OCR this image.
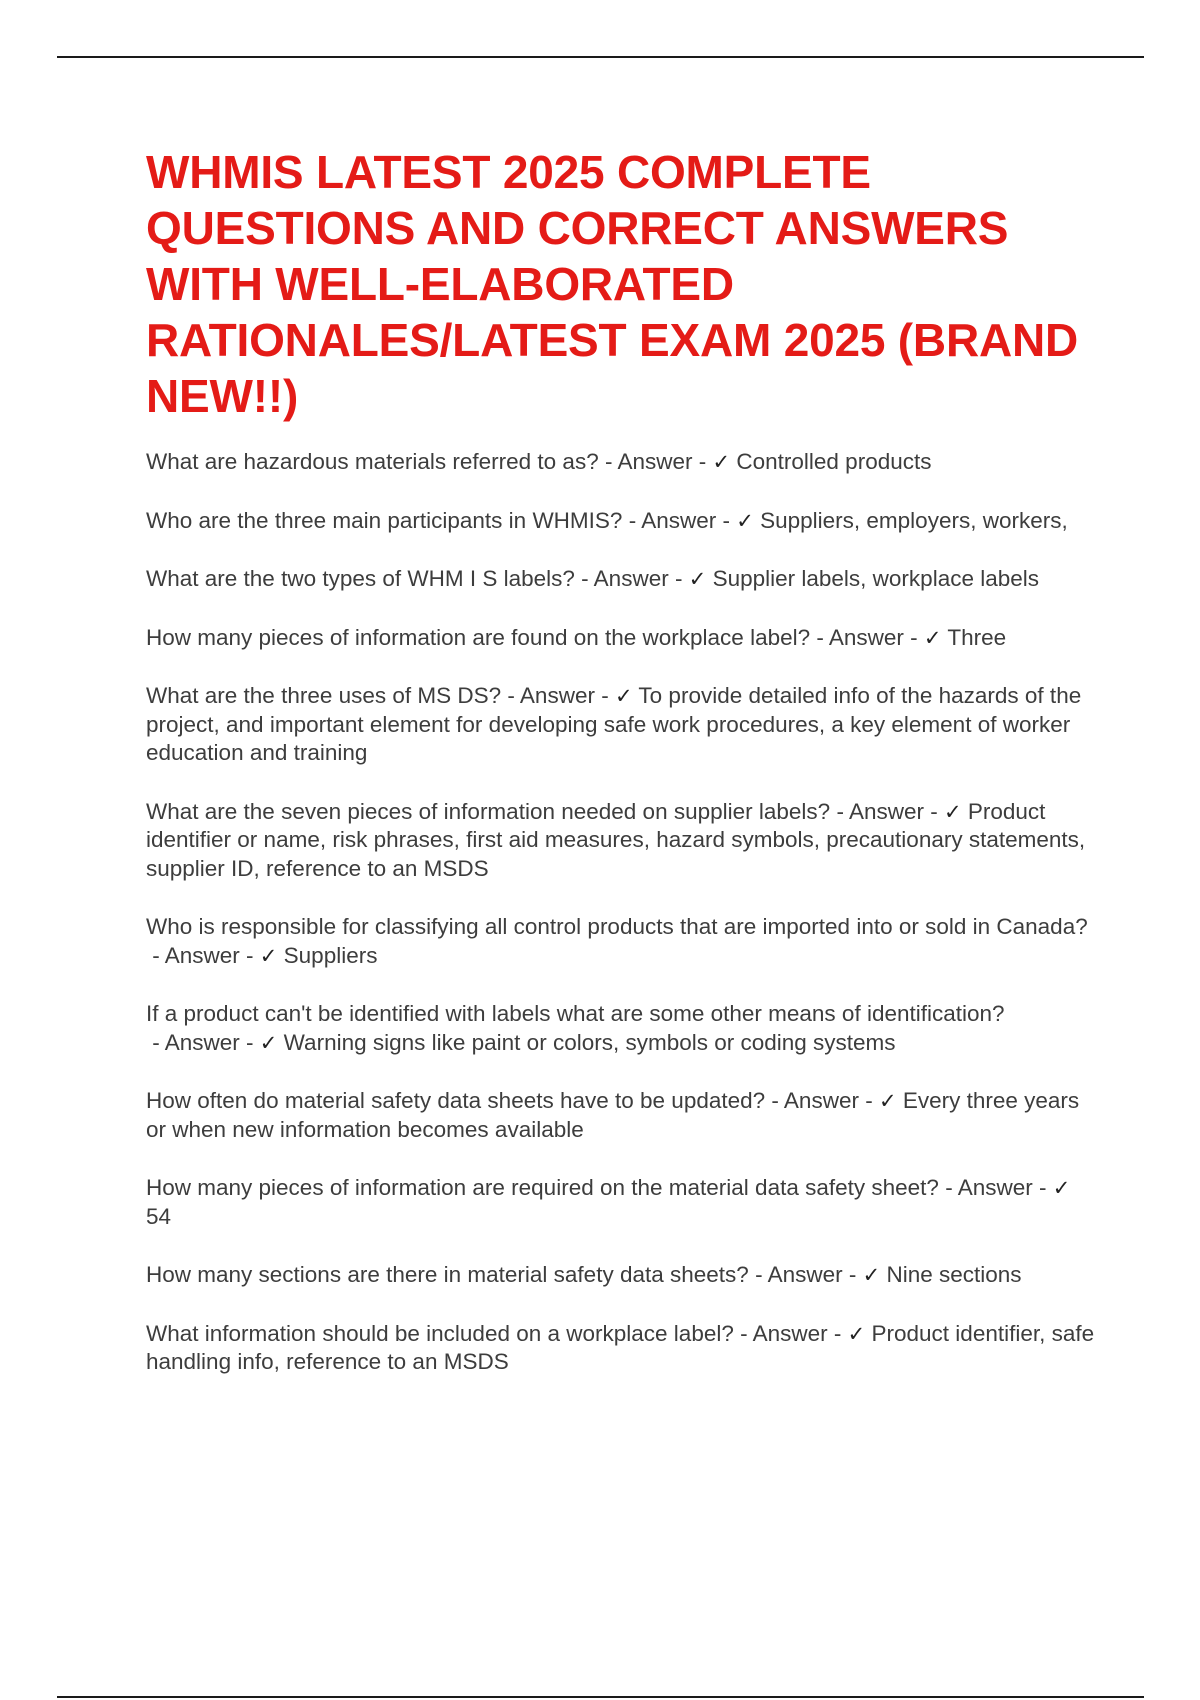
WHMIS LATEST 2025 COMPLETE QUESTIONS AND CORRECT ANSWERS WITH WELL-ELABORATED RATIONALES/LATEST EXAM 2025 (BRAND NEW!!)
What are hazardous materials referred to as? - Answer - ✓ Controlled products
Who are the three main participants in WHMIS? - Answer - ✓ Suppliers, employers, workers,
What are the two types of WHM I S labels? - Answer - ✓ Supplier labels, workplace labels
How many pieces of information are found on the workplace label? - Answer - ✓ Three
What are the three uses of MS DS? - Answer - ✓ To provide detailed info of the hazards of the project, and important element for developing safe work procedures, a key element of worker education and training
What are the seven pieces of information needed on supplier labels? - Answer - ✓ Product identifier or name, risk phrases, first aid measures, hazard symbols, precautionary statements, supplier ID, reference to an MSDS
Who is responsible for classifying all control products that are imported into or sold in Canada? - Answer - ✓ Suppliers
If a product can't be identified with labels what are some other means of identification? - Answer - ✓ Warning signs like paint or colors, symbols or coding systems
How often do material safety data sheets have to be updated? - Answer - ✓ Every three years or when new information becomes available
How many pieces of information are required on the material data safety sheet? - Answer - ✓ 54
How many sections are there in material safety data sheets? - Answer - ✓ Nine sections
What information should be included on a workplace label? - Answer - ✓ Product identifier, safe handling info, reference to an MSDS
